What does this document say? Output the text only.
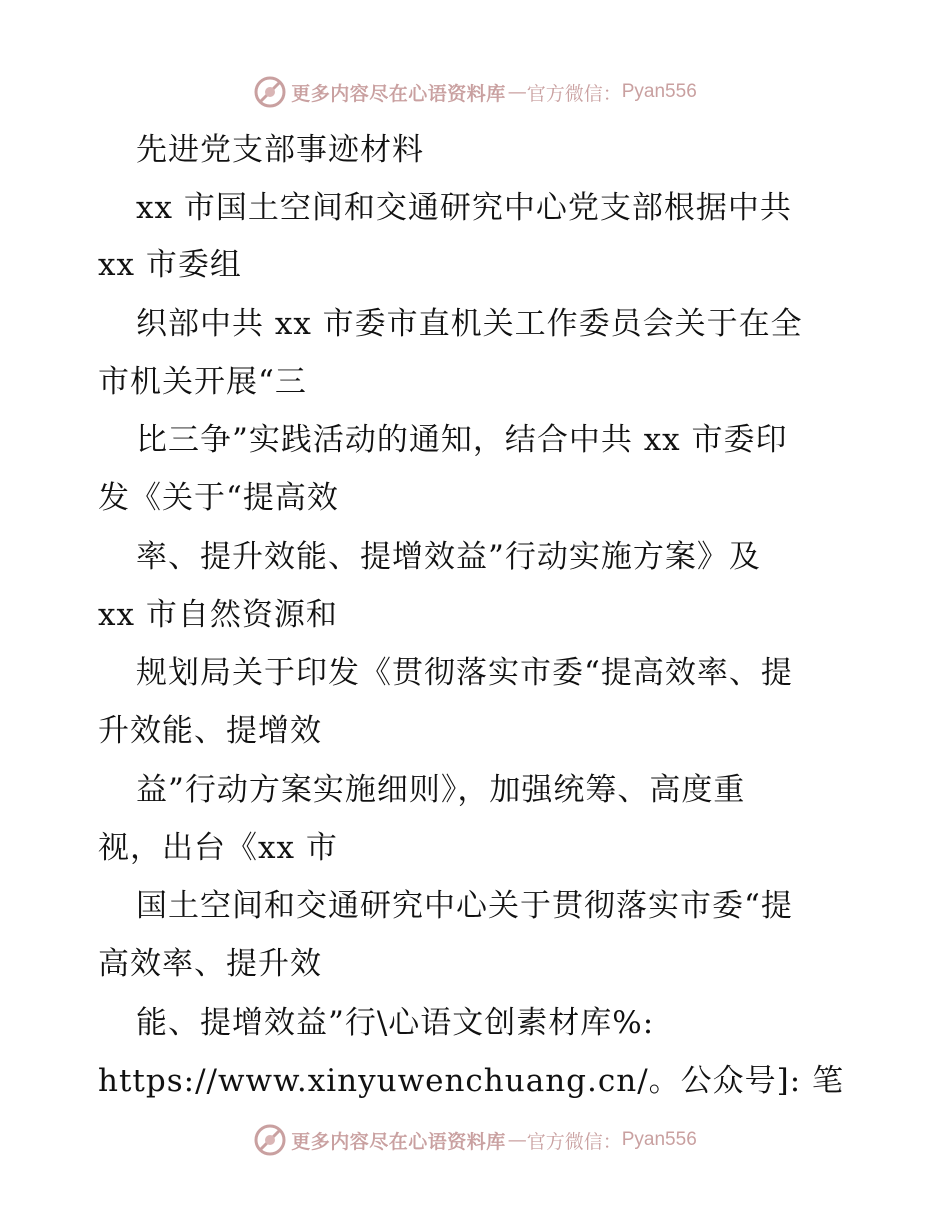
更多内容尽在心语资料库 — 官方微信： Pyan556
先进党支部事迹材料
xx 市国土空间和交通研究中心党支部根据中共
xx 市委组
织部中共 xx 市委市直机关工作委员会关于在全
市机关开展“三
比三争”实践活动的通知，结合中共 xx 市委印
发《关于“提高效
率、提升效能、提增效益”行动实施方案》及
xx 市自然资源和
规划局关于印发《贯彻落实市委“提高效率、提
升效能、提增效
益”行动方案实施细则》，加强统筹、高度重
视，出台《xx 市
国土空间和交通研究中心关于贯彻落实市委“提
高效率、提升效
能、提增效益”行\心语文创素材库%:
https://www.xinyuwenchuang.cn/。公众号]: 笔
更多内容尽在心语资料库 — 官方微信： Pyan556
